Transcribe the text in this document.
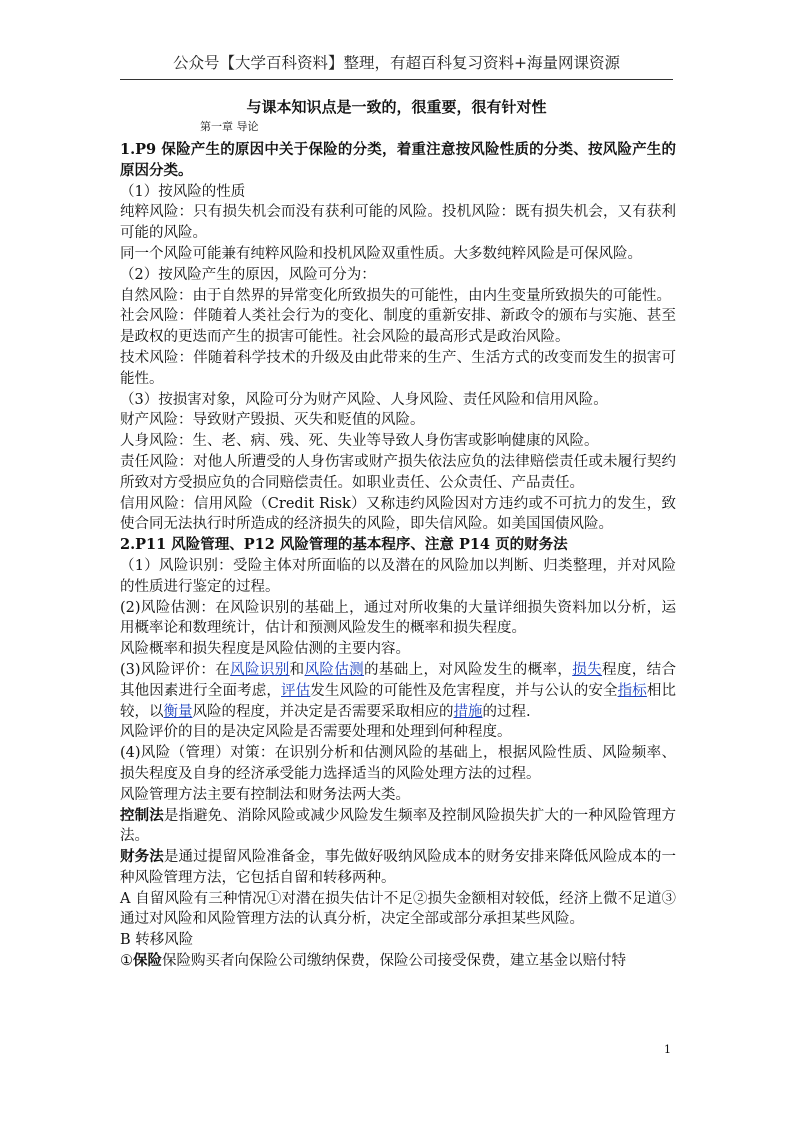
公众号【大学百科资料】整理，有超百科复习资料+海量网课资源
与课本知识点是一致的，很重要，很有针对性
第一章 导论

1.P9 保险产生的原因中关于保险的分类，着重注意按风险性质的分类、按风险产生的原因分类。

（1）按风险的性质

纯粹风险：只有损失机会而没有获利可能的风险。投机风险：既有损失机会，又有获利可能的风险。

同一个风险可能兼有纯粹风险和投机风险双重性质。大多数纯粹风险是可保风险。

（2）按风险产生的原因，风险可分为：

自然风险：由于自然界的异常变化所致损失的可能性，由内生变量所致损失的可能性。

社会风险：伴随着人类社会行为的变化、制度的重新安排、新政令的颁布与实施、甚至是政权的更迭而产生的损害可能性。社会风险的最高形式是政治风险。

技术风险：伴随着科学技术的升级及由此带来的生产、生活方式的改变而发生的损害可能性。

（3）按损害对象，风险可分为财产风险、人身风险、责任风险和信用风险。

财产风险：导致财产毁损、灭失和贬值的风险。

人身风险：生、老、病、残、死、失业等导致人身伤害或影响健康的风险。

责任风险：对他人所遭受的人身伤害或财产损失依法应负的法律赔偿责任或未履行契约所致对方受损应负的合同赔偿责任。如职业责任、公众责任、产品责任。

信用风险：信用风险（Credit Risk）又称违约风险因对方违约或不可抗力的发生，致使合同无法执行时所造成的经济损失的风险，即失信风险。如美国国债风险。

2.P11 风险管理、P12 风险管理的基本程序、注意 P14 页的财务法

（1）风险识别：受险主体对所面临的以及潜在的风险加以判断、归类整理，并对风险的性质进行鉴定的过程。

(2)风险估测：在风险识别的基础上，通过对所收集的大量详细损失资料加以分析，运用概率论和数理统计，估计和预测风险发生的概率和损失程度。

风险概率和损失程度是风险估测的主要内容。

(3)风险评价：在风险识别和风险估测的基础上，对风险发生的概率，损失程度，结合其他因素进行全面考虑，评估发生风险的可能性及危害程度，并与公认的安全指标相比较，以衡量风险的程度，并决定是否需要采取相应的措施的过程.

风险评价的目的是决定风险是否需要处理和处理到何种程度。

(4)风险（管理）对策：在识别分析和估测风险的基础上，根据风险性质、风险频率、损失程度及自身的经济承受能力选择适当的风险处理方法的过程。

风险管理方法主要有控制法和财务法两大类。

控制法是指避免、消除风险或减少风险发生频率及控制风险损失扩大的一种风险管理方法。

财务法是通过提留风险准备金，事先做好吸纳风险成本的财务安排来降低风险成本的一种风险管理方法，它包括自留和转移两种。

A 自留风险有三种情况①对潜在损失估计不足②损失金额相对较低，经济上微不足道③通过对风险和风险管理方法的认真分析，决定全部或部分承担某些风险。

B 转移风险

①保险保险购买者向保险公司缴纳保费，保险公司接受保费，建立基金以赔付特

1
